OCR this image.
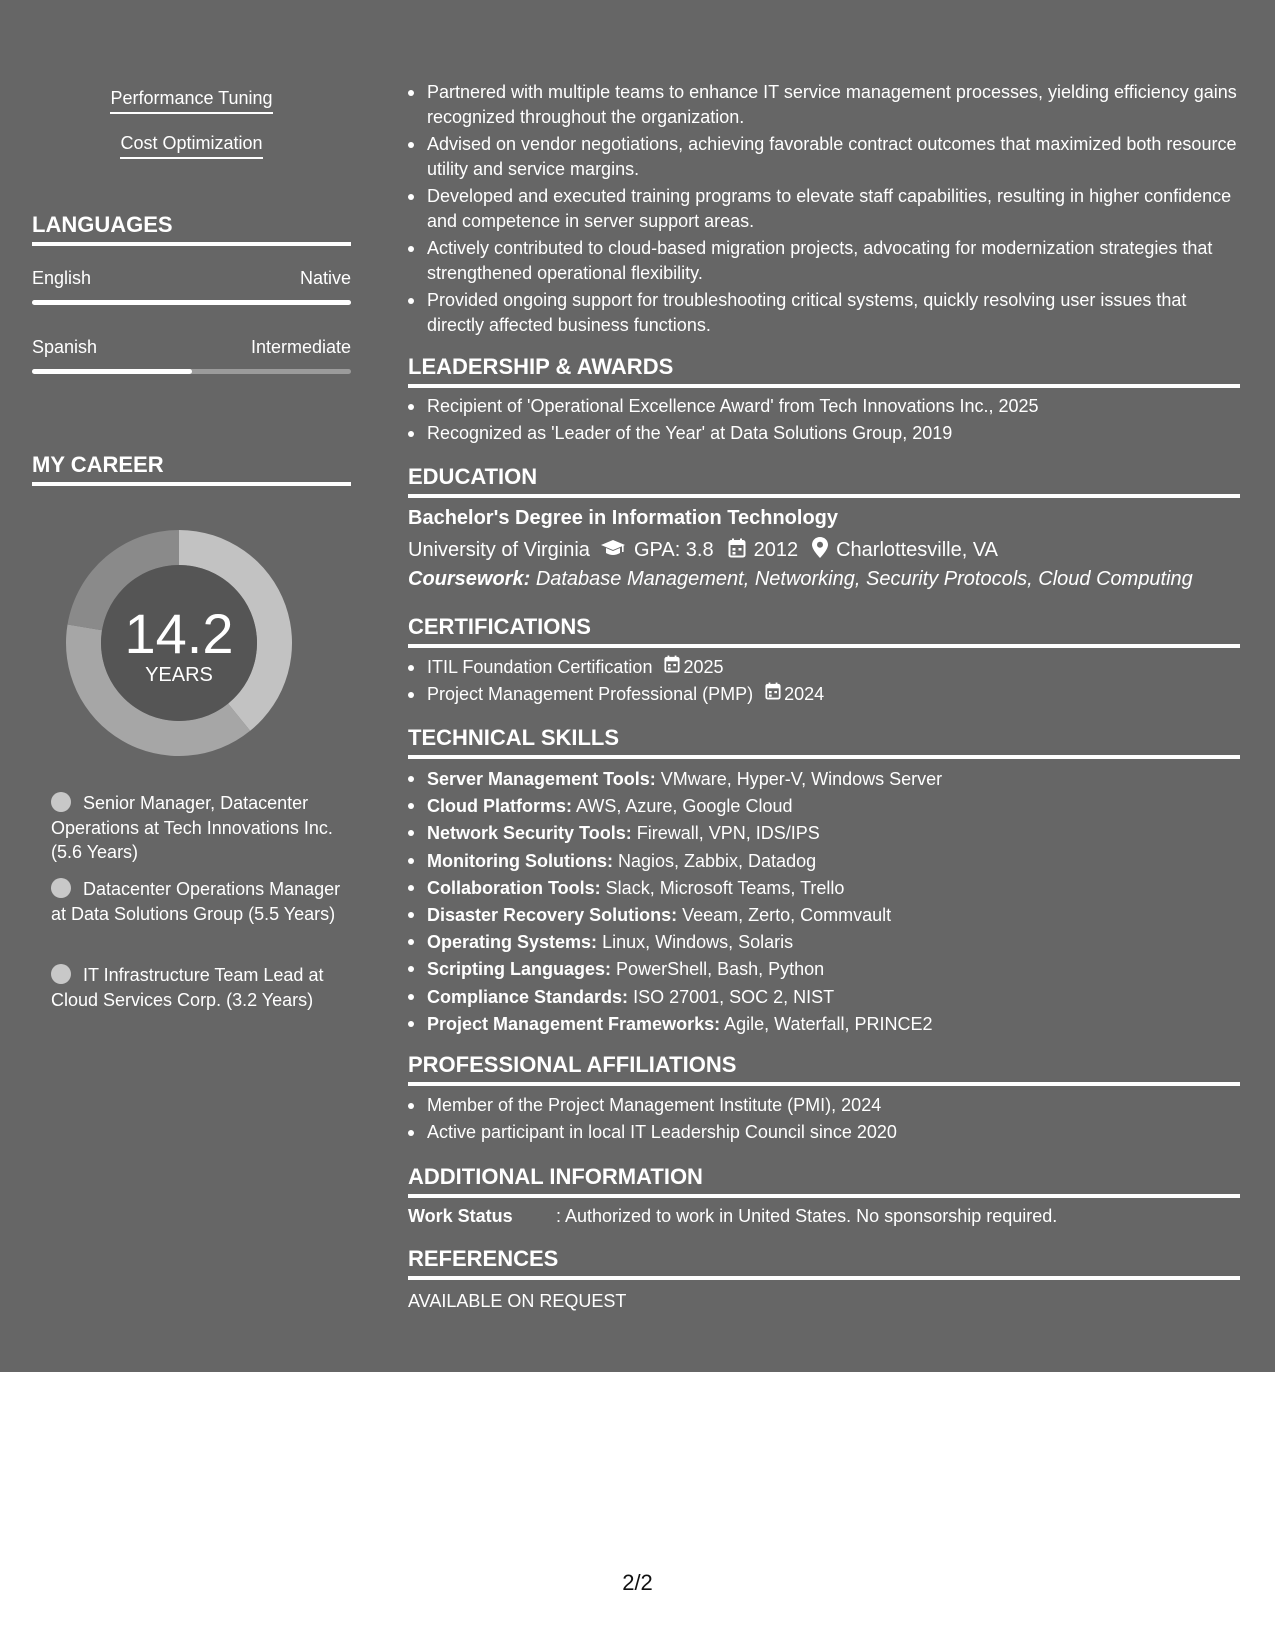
Performance Tuning
Cost Optimization
LANGUAGES
English	Native
Spanish	Intermediate
MY CAREER
14.2
YEARS
Senior Manager, Datacenter Operations at Tech Innovations Inc. (5.6 Years)
Datacenter Operations Manager at Data Solutions Group (5.5 Years)
IT Infrastructure Team Lead at Cloud Services Corp. (3.2 Years)
Partnered with multiple teams to enhance IT service management processes, yielding efficiency gains recognized throughout the organization.
Advised on vendor negotiations, achieving favorable contract outcomes that maximized both resource utility and service margins.
Developed and executed training programs to elevate staff capabilities, resulting in higher confidence and competence in server support areas.
Actively contributed to cloud-based migration projects, advocating for modernization strategies that strengthened operational flexibility.
Provided ongoing support for troubleshooting critical systems, quickly resolving user issues that directly affected business functions.
LEADERSHIP & AWARDS
Recipient of 'Operational Excellence Award' from Tech Innovations Inc., 2025
Recognized as 'Leader of the Year' at Data Solutions Group, 2019
EDUCATION
Bachelor's Degree in Information Technology
University of Virginia GPA: 3.8 2012 Charlottesville, VA
Coursework: Database Management, Networking, Security Protocols, Cloud Computing
CERTIFICATIONS
ITIL Foundation Certification 2025
Project Management Professional (PMP) 2024
TECHNICAL SKILLS
Server Management Tools: VMware, Hyper-V, Windows Server
Cloud Platforms: AWS, Azure, Google Cloud
Network Security Tools: Firewall, VPN, IDS/IPS
Monitoring Solutions: Nagios, Zabbix, Datadog
Collaboration Tools: Slack, Microsoft Teams, Trello
Disaster Recovery Solutions: Veeam, Zerto, Commvault
Operating Systems: Linux, Windows, Solaris
Scripting Languages: PowerShell, Bash, Python
Compliance Standards: ISO 27001, SOC 2, NIST
Project Management Frameworks: Agile, Waterfall, PRINCE2
PROFESSIONAL AFFILIATIONS
Member of the Project Management Institute (PMI), 2024
Active participant in local IT Leadership Council since 2020
ADDITIONAL INFORMATION
Work Status : Authorized to work in United States. No sponsorship required.
REFERENCES
AVAILABLE ON REQUEST
2/2
